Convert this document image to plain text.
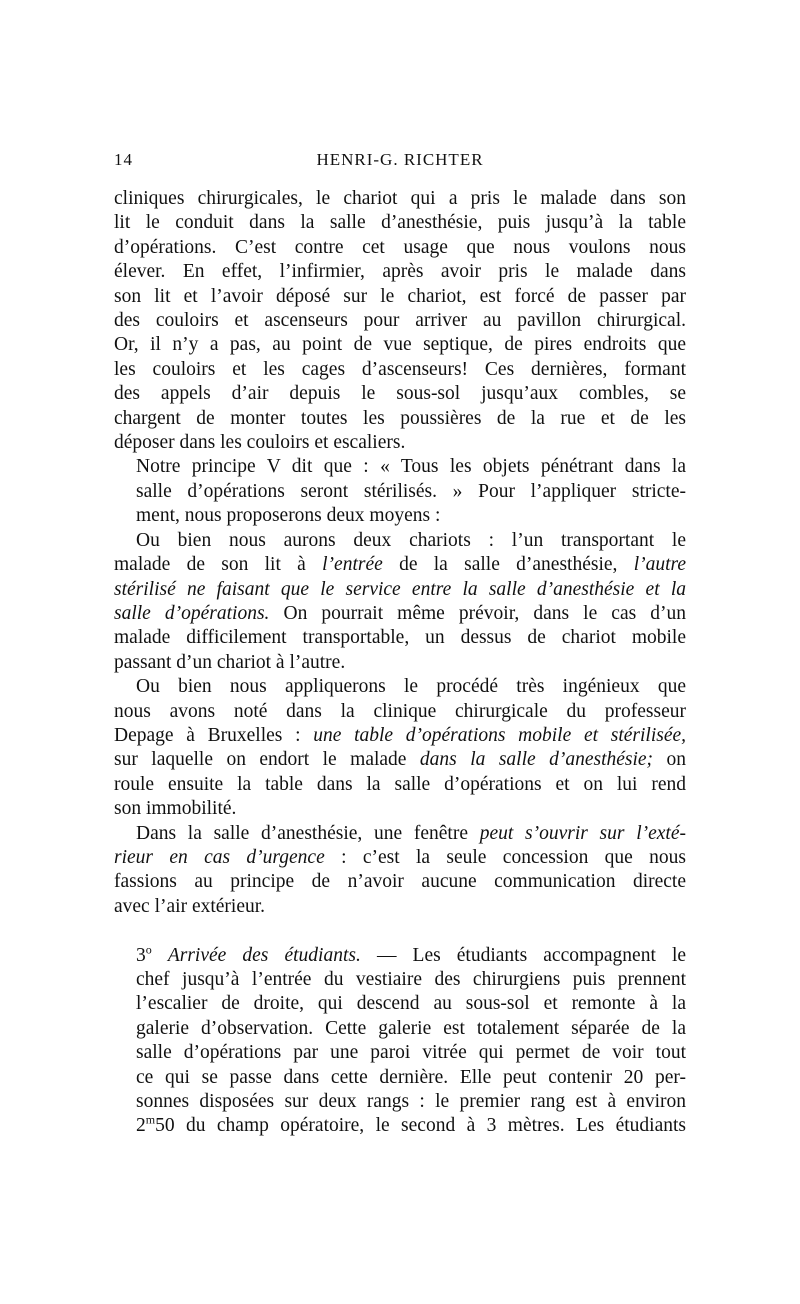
14	HENRI-G. RICHTER

cliniques chirurgicales, le chariot qui a pris le malade dans son
lit le conduit dans la salle d’anesthésie, puis jusqu’à la table
d’opérations. C’est contre cet usage que nous voulons nous
élever. En effet, l’infirmier, après avoir pris le malade dans
son lit et l’avoir déposé sur le chariot, est forcé de passer par
des couloirs et ascenseurs pour arriver au pavillon chirurgical.
Or, il n’y a pas, au point de vue septique, de pires endroits que
les couloirs et les cages d’ascenseurs! Ces dernières, formant
des appels d’air depuis le sous-sol jusqu’aux combles, se
chargent de monter toutes les poussières de la rue et de les
déposer dans les couloirs et escaliers.

Notre principe V dit que : « Tous les objets pénétrant dans la
salle d’opérations seront stérilisés. » Pour l’appliquer stricte-
ment, nous proposerons deux moyens :

Ou bien nous aurons deux chariots : l’un transportant le
malade de son lit à l’entrée de la salle d’anesthésie, l’autre
stérilisé ne faisant que le service entre la salle d’anesthésie et la
salle d’opérations. On pourrait même prévoir, dans le cas d’un
malade difficilement transportable, un dessus de chariot mobile
passant d’un chariot à l’autre.

Ou bien nous appliquerons le procédé très ingénieux que
nous avons noté dans la clinique chirurgicale du professeur
Depage à Bruxelles : une table d’opérations mobile et stérilisée,
sur laquelle on endort le malade dans la salle d’anesthésie; on
roule ensuite la table dans la salle d’opérations et on lui rend
son immobilité.

Dans la salle d’anesthésie, une fenêtre peut s’ouvrir sur l’exté-
rieur en cas d’urgence : c’est la seule concession que nous
fassions au principe de n’avoir aucune communication directe
avec l’air extérieur.

3$^o$ Arrivée des étudiants. — Les étudiants accompagnent le
chef jusqu’à l’entrée du vestiaire des chirurgiens puis prennent
l’escalier de droite, qui descend au sous-sol et remonte à la
galerie d’observation. Cette galerie est totalement séparée de la
salle d’opérations par une paroi vitrée qui permet de voir tout
ce qui se passe dans cette dernière. Elle peut contenir 20 per-
sonnes disposées sur deux rangs : le premier rang est à environ
2$^m$50 du champ opératoire, le second à 3 mètres. Les étudiants
